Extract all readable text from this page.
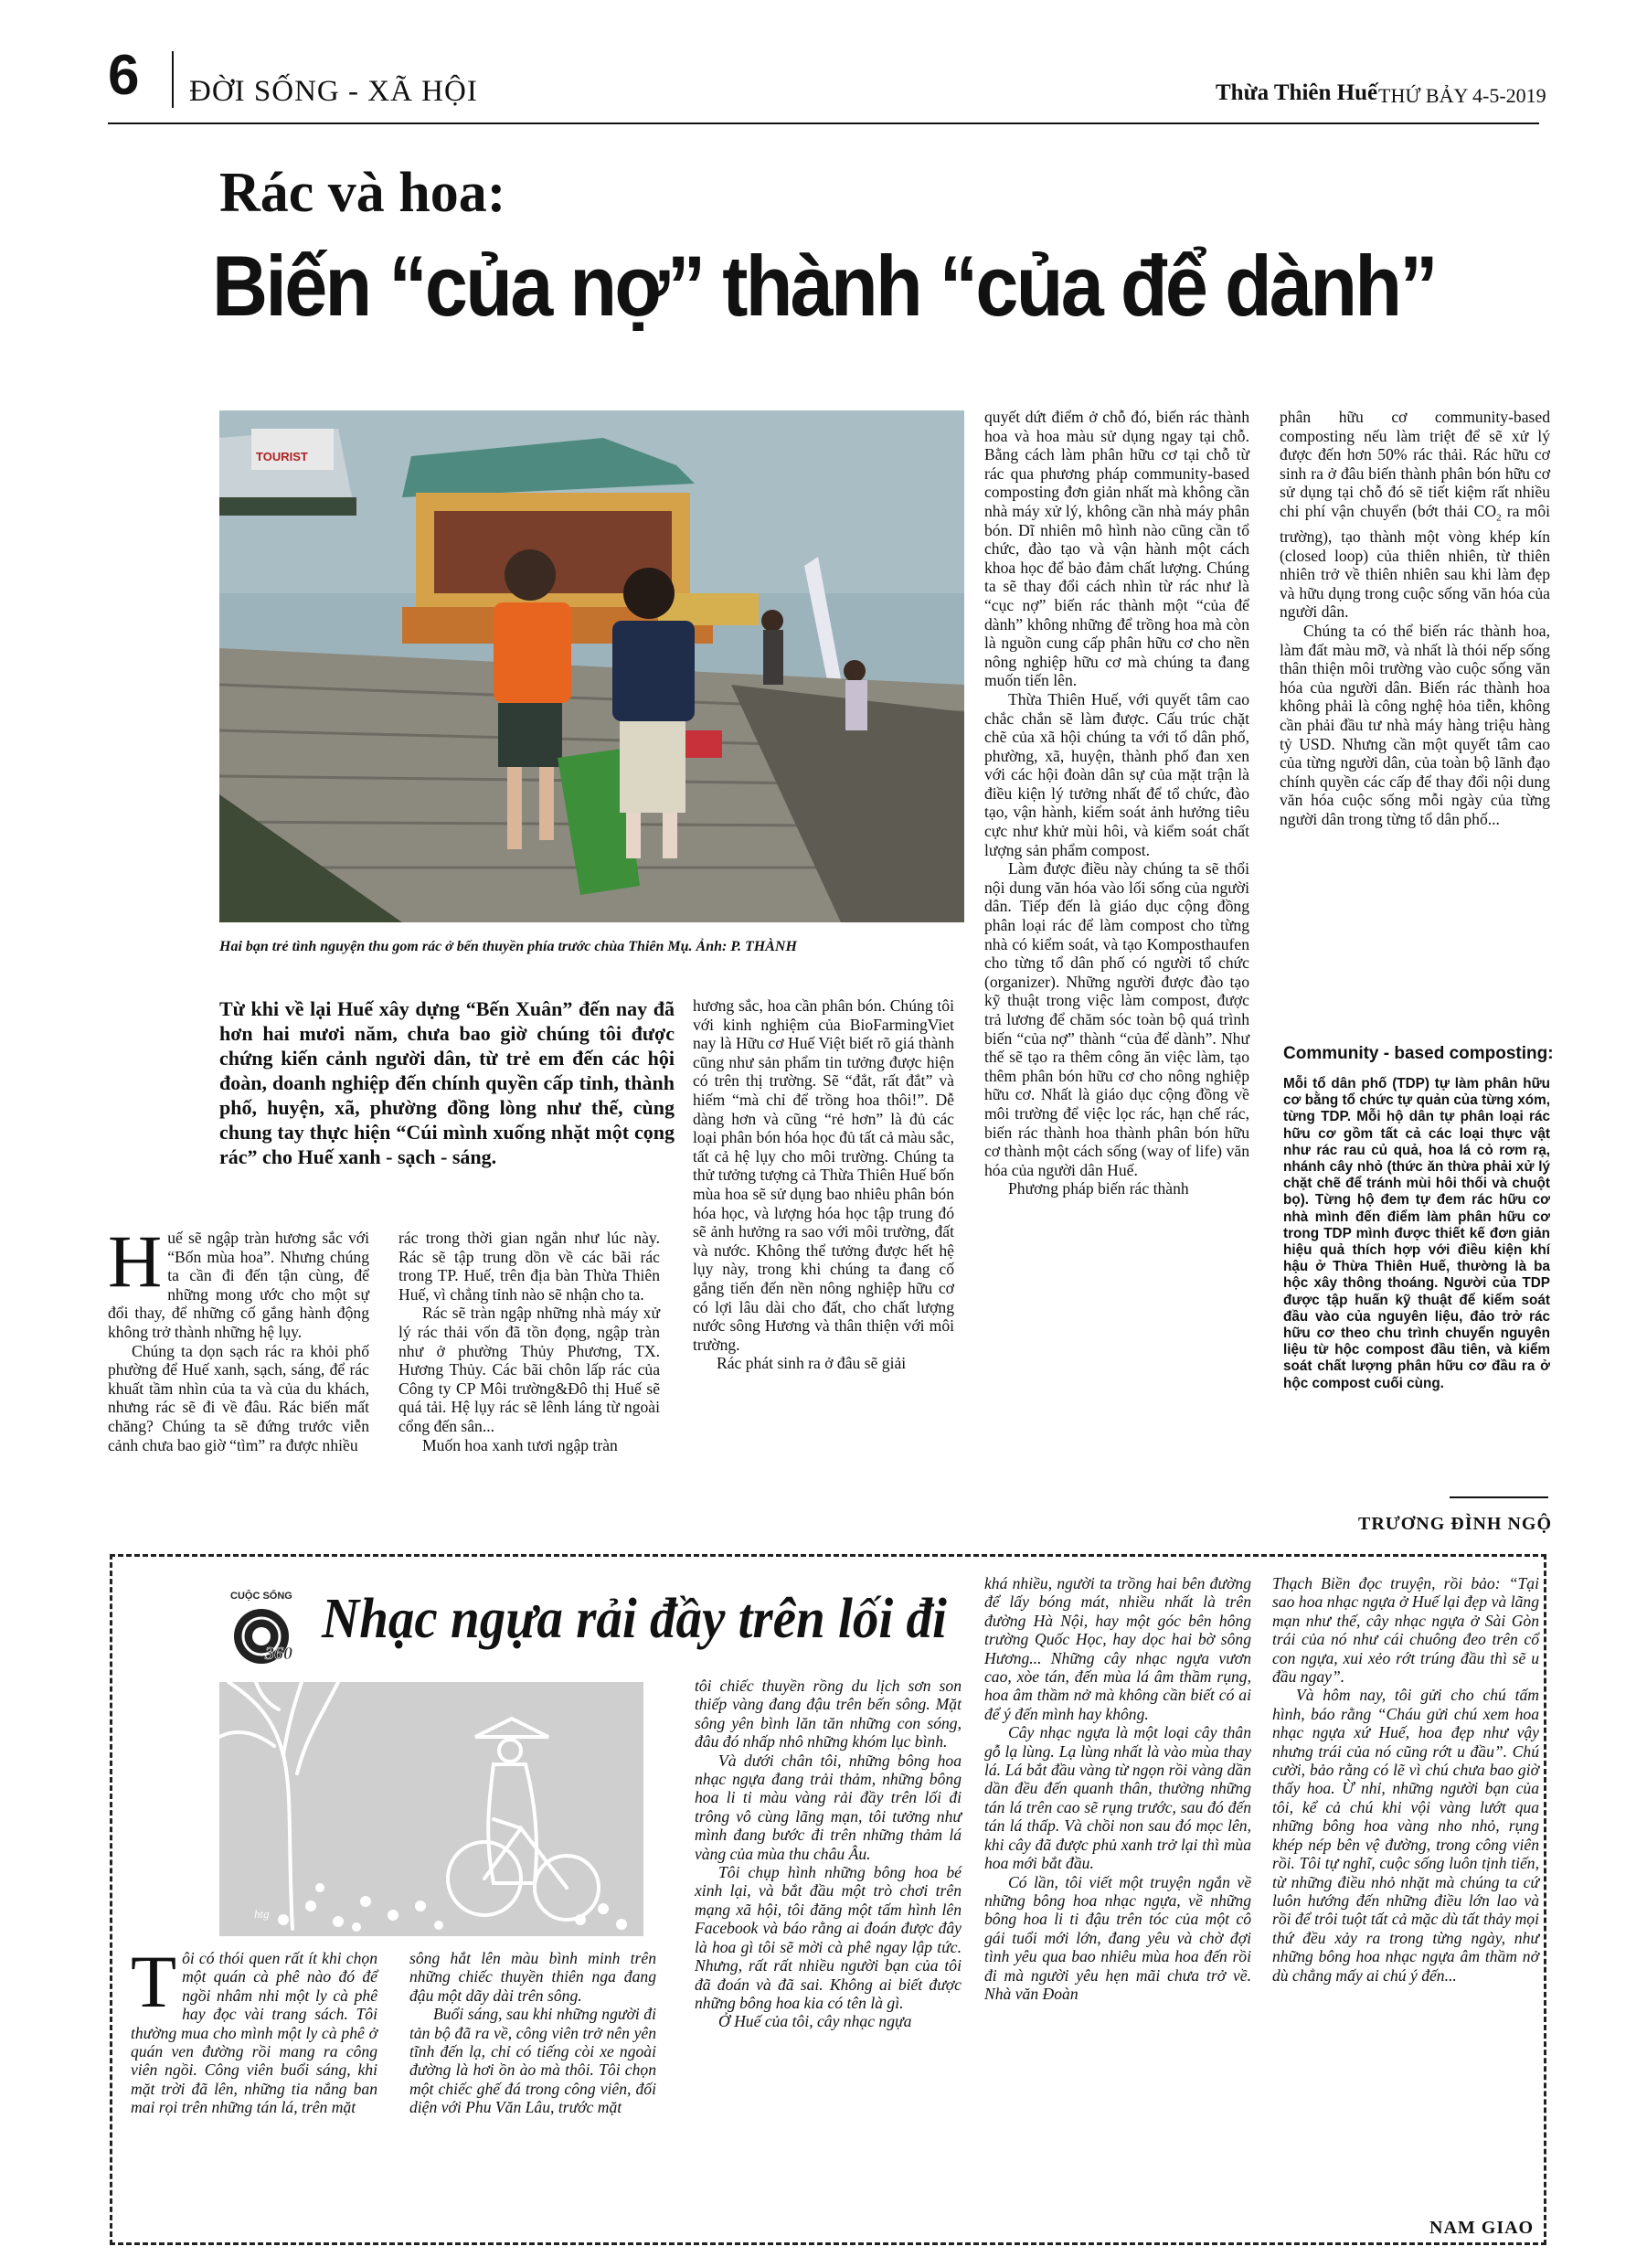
6 ĐỜI SỐNG - XÃ HỘI	Thừa Thiên Huế THỨ BẢY 4-5-2019
Rác và hoa:
Biến “của nợ” thành “của để dành”
TOURIST
Hai bạn trẻ tình nguyện thu gom rác ở bến thuyền phía trước chùa Thiên Mụ. Ảnh: P. THÀNH
Từ khi về lại Huế xây dựng “Bến Xuân” đến nay đã hơn hai mươi năm, chưa bao giờ chúng tôi được chứng kiến cảnh người dân, từ trẻ em đến các hội đoàn, doanh nghiệp đến chính quyền cấp tỉnh, thành phố, huyện, xã, phường đồng lòng như thế, cùng chung tay thực hiện “Cúi mình xuống nhặt một cọng rác” cho Huế xanh - sạch - sáng.
H uế sẽ ngập tràn hương sắc với “Bốn mùa hoa”. Nhưng chúng ta cần đi đến tận cùng, để những mong ước cho một sự đổi thay, để những cố gắng hành động không trở thành những hệ lụy.

Chúng ta dọn sạch rác ra khỏi phố phường để Huế xanh, sạch, sáng, để rác khuất tầm nhìn của ta và của du khách, nhưng rác sẽ đi về đâu. Rác biến mất chăng? Chúng ta sẽ đứng trước viễn cảnh chưa bao giờ “tìm” ra được nhiều

rác trong thời gian ngắn như lúc này. Rác sẽ tập trung dồn về các bãi rác trong TP. Huế, trên địa bàn Thừa Thiên Huế, vì chẳng tỉnh nào sẽ nhận cho ta.

Rác sẽ tràn ngập những nhà máy xử lý rác thải vốn đã tồn đọng, ngập tràn như ở phường Thủy Phương, TX. Hương Thủy. Các bãi chôn lấp rác của Công ty CP Môi trường&Đô thị Huế sẽ quá tải. Hệ lụy rác sẽ lênh láng từ ngoài cổng đến sân...

Muốn hoa xanh tươi ngập tràn

hương sắc, hoa cần phân bón. Chúng tôi với kinh nghiệm của BioFarmingViet nay là Hữu cơ Huế Việt biết rõ giá thành cũng như sản phẩm tin tưởng được hiện có trên thị trường. Sẽ “đắt, rất đắt” và hiếm “mà chỉ để trồng hoa thôi!”. Dễ dàng hơn và cũng “rẻ hơn” là đủ các loại phân bón hóa học đủ tất cả màu sắc, tất cả hệ lụy cho môi trường. Chúng ta thử tưởng tượng cả Thừa Thiên Huế bốn mùa hoa sẽ sử dụng bao nhiêu phân bón hóa học, và lượng hóa học tập trung đó sẽ ảnh hưởng ra sao với môi trường, đất và nước. Không thể tưởng được hết hệ lụy này, trong khi chúng ta đang cố gắng tiến đến nền nông nghiệp hữu cơ có lợi lâu dài cho đất, cho chất lượng nước sông Hương và thân thiện với môi trường.

Rác phát sinh ra ở đâu sẽ giải

quyết dứt điểm ở chỗ đó, biến rác thành hoa và hoa màu sử dụng ngay tại chỗ. Bằng cách làm phân hữu cơ tại chỗ từ rác qua phương pháp community-based composting đơn giản nhất mà không cần nhà máy xử lý, không cần nhà máy phân bón. Dĩ nhiên mô hình nào cũng cần tổ chức, đào tạo và vận hành một cách khoa học để bảo đảm chất lượng. Chúng ta sẽ thay đổi cách nhìn từ rác như là “cục nợ” biến rác thành một “của để dành” không những để trồng hoa mà còn là nguồn cung cấp phân hữu cơ cho nền nông nghiệp hữu cơ mà chúng ta đang muốn tiến lên.

Thừa Thiên Huế, với quyết tâm cao chắc chắn sẽ làm được. Cấu trúc chặt chẽ của xã hội chúng ta với tổ dân phố, phường, xã, huyện, thành phố đan xen với các hội đoàn dân sự của mặt trận là điều kiện lý tưởng nhất để tổ chức, đào tạo, vận hành, kiểm soát ảnh hưởng tiêu cực như khử mùi hôi, và kiểm soát chất lượng sản phẩm compost.

Làm được điều này chúng ta sẽ thổi nội dung văn hóa vào lối sống của người dân. Tiếp đến là giáo dục cộng đồng phân loại rác để làm compost cho từng nhà có kiểm soát, và tạo Komposthaufen cho từng tổ dân phố có người tổ chức (organizer). Những người được đào tạo kỹ thuật trong việc làm compost, được trả lương để chăm sóc toàn bộ quá trình biến “của nợ” thành “của để dành”. Như thế sẽ tạo ra thêm công ăn việc làm, tạo thêm phân bón hữu cơ cho nông nghiệp hữu cơ. Nhất là giáo dục cộng đồng về môi trường để việc lọc rác, hạn chế rác, biến rác thành hoa thành phân bón hữu cơ thành một cách sống (way of life) văn hóa của người dân Huế.

Phương pháp biến rác thành

phân hữu cơ community-based composting nếu làm triệt để sẽ xử lý được đến hơn 50% rác thải. Rác hữu cơ sinh ra ở đâu biến thành phân bón hữu cơ sử dụng tại chỗ đó sẽ tiết kiệm rất nhiều chi phí vận chuyển (bớt thải $CO_2$ ra môi trường), tạo thành một vòng khép kín (closed loop) của thiên nhiên, từ thiên nhiên trở về thiên nhiên sau khi làm đẹp và hữu dụng trong cuộc sống văn hóa của người dân.

Chúng ta có thể biến rác thành hoa, làm đất màu mỡ, và nhất là thói nếp sống thân thiện môi trường vào cuộc sống văn hóa của người dân. Biến rác thành hoa không phải là công nghệ hỏa tiễn, không cần phải đầu tư nhà máy hàng triệu hàng tỷ USD. Nhưng cần một quyết tâm cao của từng người dân, của toàn bộ lãnh đạo chính quyền các cấp để thay đổi nội dung văn hóa cuộc sống mỗi ngày của từng người dân trong từng tổ dân phố...

Community - based composting:
Mỗi tổ dân phố (TDP) tự làm phân hữu cơ bằng tổ chức tự quản của từng xóm, từng TDP. Mỗi hộ dân tự phân loại rác hữu cơ gồm tất cả các loại thực vật như rác rau củ quả, hoa lá cỏ rơm rạ, nhánh cây nhỏ (thức ăn thừa phải xử lý chặt chẽ để tránh mùi hôi thối và chuột bọ). Từng hộ đem tự đem rác hữu cơ nhà mình đến điểm làm phân hữu cơ trong TDP mình được thiết kế đơn giản hiệu quả thích hợp với điều kiện khí hậu ở Thừa Thiên Huế, thường là ba hộc xây thông thoáng. Người của TDP được tập huấn kỹ thuật để kiểm soát đầu vào của nguyên liệu, đảo trở rác hữu cơ theo chu trình chuyển nguyên liệu từ hộc compost đầu tiên, và kiểm soát chất lượng phân hữu cơ đầu ra ở hộc compost cuối cùng.
TRƯƠNG ĐÌNH NGỘ
CUỘC SỐNG
360
Nhạc ngựa rải đầy trên lối đi
htg
T ôi có thói quen rất ít khi chọn một quán cà phê nào đó để ngồi nhâm nhi một ly cà phê hay đọc vài trang sách. Tôi thường mua cho mình một ly cà phê ở quán ven đường rồi mang ra công viên ngồi. Công viên buổi sáng, khi mặt trời đã lên, những tia nắng ban mai rọi trên những tán lá, trên mặt

sông hắt lên màu bình minh trên những chiếc thuyền thiên nga đang đậu một dãy dài trên sông.

Buổi sáng, sau khi những người đi tản bộ đã ra về, công viên trở nên yên tĩnh đến lạ, chỉ có tiếng còi xe ngoài đường là hơi ồn ào mà thôi. Tôi chọn một chiếc ghế đá trong công viên, đối diện với Phu Văn Lâu, trước mặt

tôi chiếc thuyền rồng du lịch sơn son thiếp vàng đang đậu trên bến sông. Mặt sông yên bình lăn tăn những con sóng, đâu đó nhấp nhô những khóm lục bình.

Và dưới chân tôi, những bông hoa nhạc ngựa đang trải thảm, những bông hoa li ti màu vàng rải đầy trên lối đi trông vô cùng lãng mạn, tôi tưởng như mình đang bước đi trên những thảm lá vàng của mùa thu châu Âu.

Tôi chụp hình những bông hoa bé xinh lại, và bắt đầu một trò chơi trên mạng xã hội, tôi đăng một tấm hình lên Facebook và báo rằng ai đoán được đây là hoa gì tôi sẽ mời cà phê ngay lập tức. Nhưng, rất rất nhiều người bạn của tôi đã đoán và đã sai. Không ai biết được những bông hoa kia có tên là gì.

Ở Huế của tôi, cây nhạc ngựa

khá nhiều, người ta trồng hai bên đường để lấy bóng mát, nhiều nhất là trên đường Hà Nội, hay một góc bên hông trường Quốc Học, hay dọc hai bờ sông Hương... Những cây nhạc ngựa vươn cao, xòe tán, đến mùa lá âm thầm rụng, hoa âm thầm nở mà không cần biết có ai để ý đến mình hay không.

Cây nhạc ngựa là một loại cây thân gỗ lạ lùng. Lạ lùng nhất là vào mùa thay lá. Lá bắt đầu vàng từ ngọn rồi vàng dần dần đều đến quanh thân, thường những tán lá trên cao sẽ rụng trước, sau đó đến tán lá thấp. Và chồi non sau đó mọc lên, khi cây đã được phủ xanh trở lại thì mùa hoa mới bắt đầu.

Có lần, tôi viết một truyện ngắn về những bông hoa nhạc ngựa, về những bông hoa li ti đậu trên tóc của một cô gái tuổi mới lớn, đang yêu và chờ đợi tình yêu qua bao nhiêu mùa hoa đến rồi đi mà người yêu hẹn mãi chưa trở về. Nhà văn Đoàn

Thạch Biền đọc truyện, rồi bảo: “Tại sao hoa nhạc ngựa ở Huế lại đẹp và lãng mạn như thế, cây nhạc ngựa ở Sài Gòn trái của nó như cái chuông đeo trên cổ con ngựa, xui xẻo rớt trúng đầu thì sẽ u đầu ngay”.

Và hôm nay, tôi gửi cho chú tấm hình, báo rằng “Cháu gửi chú xem hoa nhạc ngựa xứ Huế, hoa đẹp như vậy nhưng trái của nó cũng rớt u đầu”. Chú cười, bảo rằng có lẽ vì chú chưa bao giờ thấy hoa. Ừ nhỉ, những người bạn của tôi, kể cả chú khi vội vàng lướt qua những bông hoa vàng nho nhỏ, rụng khép nép bên vệ đường, trong công viên rồi. Tôi tự nghĩ, cuộc sống luôn tịnh tiến, từ những điều nhỏ nhặt mà chúng ta cứ luôn hướng đến những điều lớn lao và rồi để trôi tuột tất cả mặc dù tất thảy mọi thứ đều xảy ra trong từng ngày, như những bông hoa nhạc ngựa âm thầm nở dù chẳng mấy ai chú ý đến...

NAM GIAO
